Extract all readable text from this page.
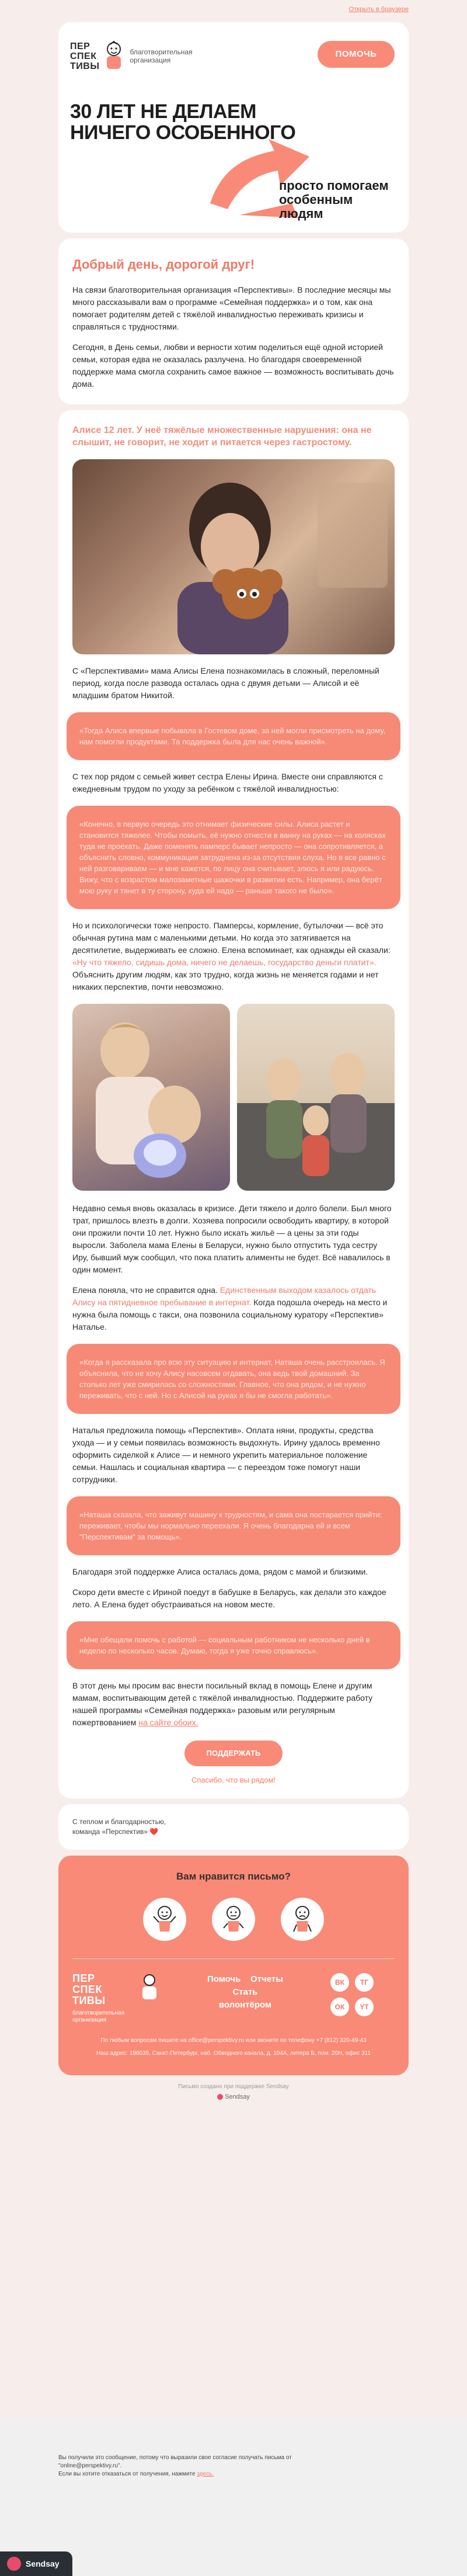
Открыть в браузере
ПЕР
СПЕК
ТИВЫ
благотворительная организация
ПОМОЧЬ
30 ЛЕТ НЕ ДЕЛАЕМ
НИЧЕГО ОСОБЕННОГО
просто помогаем
особенным людям
Добрый день, дорогой друг!

На связи благотворительная организация «Перспективы». В последние месяцы мы много рассказывали вам о программе «Семейная поддержка» и о том, как она помогает родителям детей с тяжёлой инвалидностью переживать кризисы и справляться с трудностями.

Сегодня, в День семьи, любви и верности хотим поделиться ещё одной историей семьи, которая едва не оказалась разлучена. Но благодаря своевременной поддержке мама смогла сохранить самое важное — возможность воспитывать дочь дома.

Алисе 12 лет. У неё тяжёлые множественные нарушения: она не слышит, не говорит, не ходит и питается через гастростому.

С «Перспективами» мама Алисы Елена познакомилась в сложный, переломный период, когда после развода осталась одна с двумя детьми — Алисой и её младшим братом Никитой.

«Тогда Алиса впервые побывала в Гостевом доме, за ней могли присмотреть на дому, нам помогли продуктами. Та поддержка была для нас очень важной».

С тех пор рядом с семьей живет сестра Елены Ирина. Вместе они справляются с ежедневным трудом по уходу за ребёнком с тяжёлой инвалидностью:

«Конечно, в первую очередь это отнимает физические силы. Алиса растет и становится тяжелее. Чтобы помыть, её нужно отнести в ванну на руках — на колясках туда не проехать. Даже поменять памперс бывает непросто — она сопротивляется, а объяснить словно, коммуникация затруднена из-за отсутствия слуха. Но в все равно с ней разговариваем — и мне кажется, по лицу она считывает, злюсь я или радуюсь. Вижу, что с возрастом малозаметные шажочки в развитии есть. Например, она берёт мою руку и тянет в ту сторону, куда ей надо — раньше такого не было».

Но и психологически тоже непросто. Памперсы, кормление, бутылочки — всё это обычная рутина мам с маленькими детьми. Но когда это затягивается на десятилетие, выдерживать ее сложно. Елена вспоминает, как однажды ей сказали: «Ну что тяжело, сидишь дома, ничего не делаешь, государство деньги платит». Объяснить другим людям, как это трудно, когда жизнь не меняется годами и нет никаких перспектив, почти невозможно.

Недавно семья вновь оказалась в кризисе. Дети тяжело и долго болели. Был много трат, пришлось влезть в долги. Хозяева попросили освободить квартиру, в которой они прожили почти 10 лет. Нужно было искать жильё — а цены за эти годы выросли. Заболела мама Елены в Беларуси, нужно было отпустить туда сестру Иру, бывший муж сообщил, что пока платить алименты не будет. Всё навалилось в один момент.

Елена поняла, что не справится одна. Единственным выходом казалось отдать Алису на пятидневное пребывание в интернат. Когда подошла очередь на место и нужна была помощь с такси, она позвонила социальному куратору «Перспектив» Наталье.

«Когда я рассказала про всю эту ситуацию и интернат, Наташа очень расстроилась. Я объяснила, что не хочу Алису насовсем отдавать, она ведь твой домашний. За столько лет уже смирилась со сложностями. Главное, что она рядом, и не нужно переживать, что с ней. Но с Алисой на руках я бы не смогла работать».

Наталья предложила помощь «Перспектив». Оплата няни, продукты, средства ухода — и у семьи появилась возможность выдохнуть. Ирину удалось временно оформить сиделкой к Алисе — и немного укрепить материальное положение семьи. Нашлась и социальная квартира — с переездом тоже помогут наши сотрудники.

«Наташа сказала, что заживут машину к трудностям, и сама она постарается прийти: переживает, чтобы мы нормально переехали. Я очень благодарна ей и всем "Перспективам" за помощь».

Благодаря этой поддержке Алиса осталась дома, рядом с мамой и близкими.

Скоро дети вместе с Ириной поедут в бабушке в Беларусь, как делали это каждое лето. А Елена будет обустраиваться на новом месте.

«Мне обещали помочь с работой — социальным работником не несколько дней в неделю по несколько часов. Думаю, тогда я уже точно справлюсь».

В этот день мы просим вас внести посильный вклад в помощь Елене и другим мамам, воспитывающим детей с тяжёлой инвалидностью. Поддержите работу нашей программы «Семейная поддержка» разовым или регулярным пожертвованием на сайте обоих.

ПОДДЕРЖАТЬ
Спасибо, что вы рядом!
С теплом и благодарностью,
команда «Перспектив» ❤️
Вам нравится письмо?
ПЕР
СПЕК
ТИВЫ
благотворительная организация
Помочь Отчеты
Стать
волонтёром
ВК	ТГ
ОК	YT
По любым вопросам пишите на office@perspektivy.ru или звоните по телефону +7 (812) 320-49-43
Наш адрес: 198035, Санкт-Петербург, наб. Обводного канала, д. 104А, литера Б, пом. 20Н, офис 311
Письмо создано при поддержке Sendsay
Sendsay
Вы получили это сообщение, потому что выразили свое согласие получать письма от
"online@perspektivy.ru".
Если вы хотите отказаться от получения, нажмите здесь.
Sendsay
